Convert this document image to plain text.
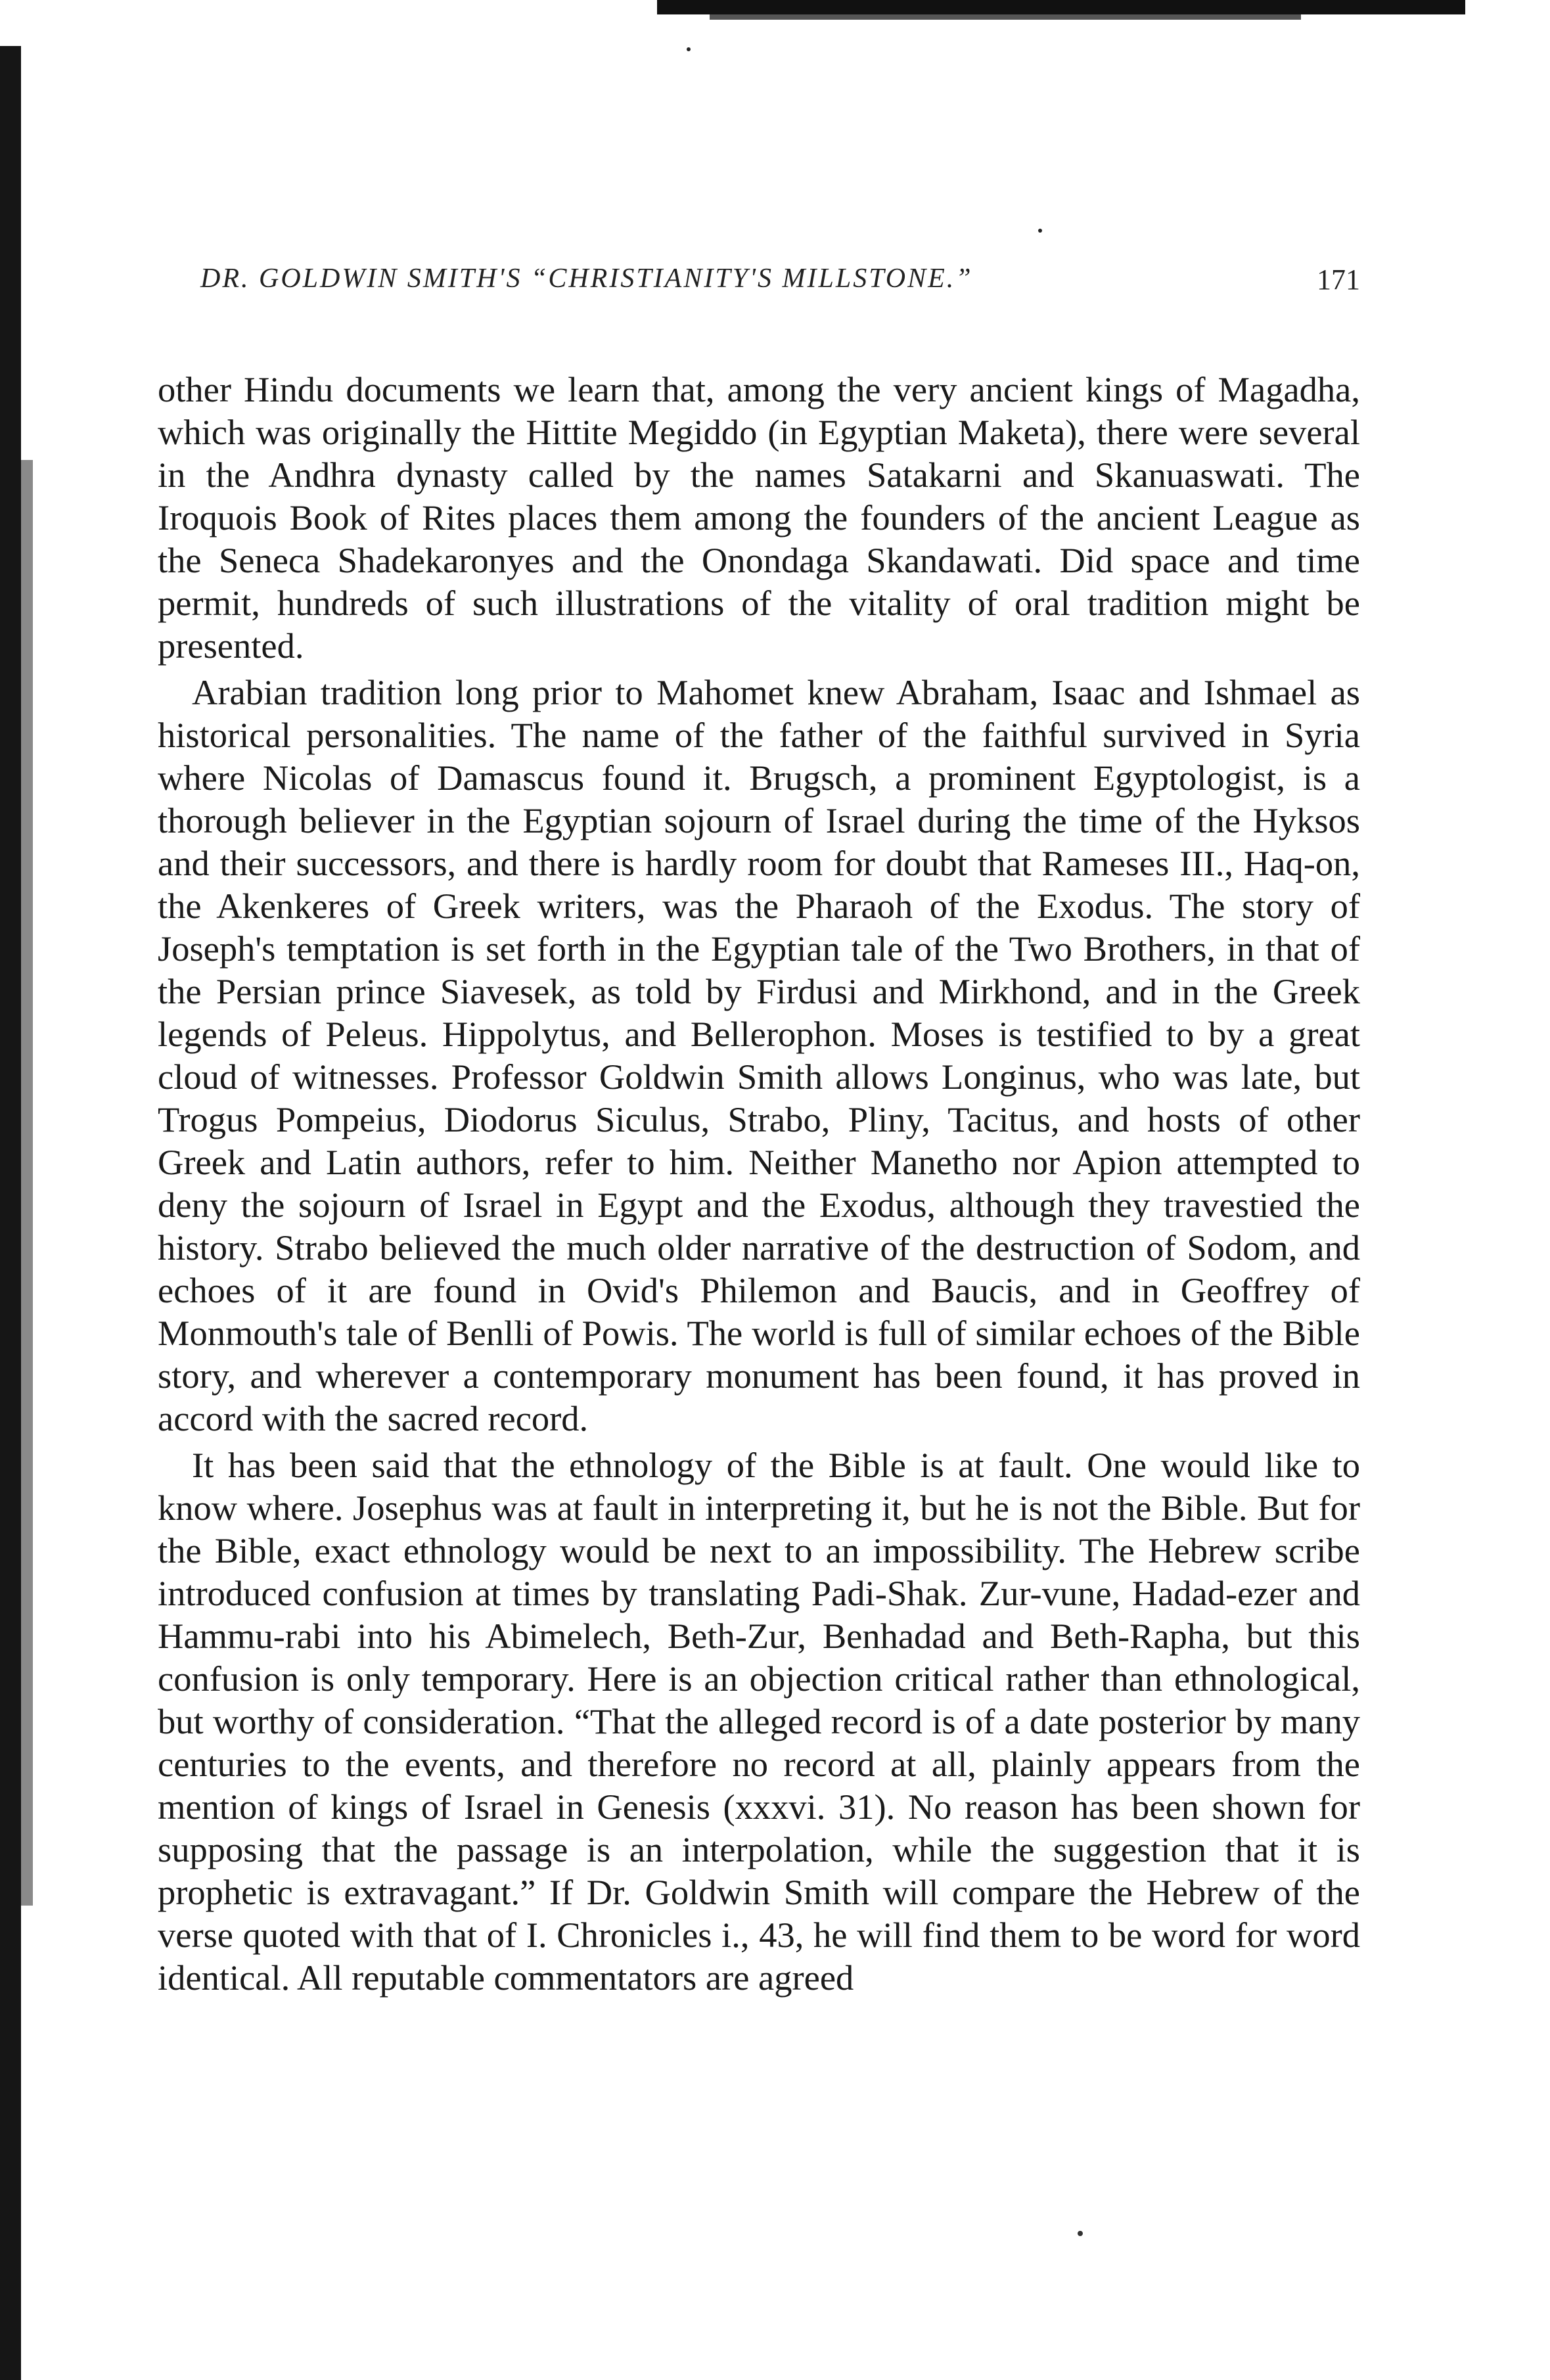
DR. GOLDWIN SMITH'S “CHRISTIANITY'S MILLSTONE.”	171

other Hindu documents we learn that, among the very ancient kings of Magadha, which was originally the Hittite Megiddo (in Egyptian Maketa), there were several in the Andhra dynasty called by the names Satakarni and Skanuaswati. The Iroquois Book of Rites places them among the founders of the ancient League as the Seneca Shadekaronyes and the Onondaga Skandawati. Did space and time permit, hundreds of such illustrations of the vitality of oral tradition might be presented.

Arabian tradition long prior to Mahomet knew Abraham, Isaac and Ishmael as historical personalities. The name of the father of the faithful survived in Syria where Nicolas of Damascus found it. Brugsch, a prominent Egyptologist, is a thorough believer in the Egyptian sojourn of Israel during the time of the Hyksos and their successors, and there is hardly room for doubt that Rameses III., Haq-on, the Akenkeres of Greek writers, was the Pharaoh of the Exodus. The story of Joseph's temptation is set forth in the Egyptian tale of the Two Brothers, in that of the Persian prince Siavesek, as told by Firdusi and Mirkhond, and in the Greek legends of Peleus. Hippolytus, and Bellerophon. Moses is testified to by a great cloud of witnesses. Professor Goldwin Smith allows Longinus, who was late, but Trogus Pompeius, Diodorus Siculus, Strabo, Pliny, Tacitus, and hosts of other Greek and Latin authors, refer to him. Neither Manetho nor Apion attempted to deny the sojourn of Israel in Egypt and the Exodus, although they travestied the history. Strabo believed the much older narrative of the destruction of Sodom, and echoes of it are found in Ovid's Philemon and Baucis, and in Geoffrey of Monmouth's tale of Benlli of Powis. The world is full of similar echoes of the Bible story, and wherever a contemporary monument has been found, it has proved in accord with the sacred record.

It has been said that the ethnology of the Bible is at fault. One would like to know where. Josephus was at fault in interpreting it, but he is not the Bible. But for the Bible, exact ethnology would be next to an impossibility. The Hebrew scribe introduced confusion at times by translating Padi-Shak. Zur-vune, Hadad-ezer and Hammu-rabi into his Abimelech, Beth-Zur, Benhadad and Beth-Rapha, but this confusion is only temporary. Here is an objection critical rather than ethnological, but worthy of consideration. “That the alleged record is of a date posterior by many centuries to the events, and therefore no record at all, plainly appears from the mention of kings of Israel in Genesis (xxxvi. 31). No reason has been shown for supposing that the passage is an interpolation, while the suggestion that it is prophetic is extravagant.” If Dr. Goldwin Smith will compare the Hebrew of the verse quoted with that of I. Chronicles i., 43, he will find them to be word for word identical. All reputable commentators are agreed
